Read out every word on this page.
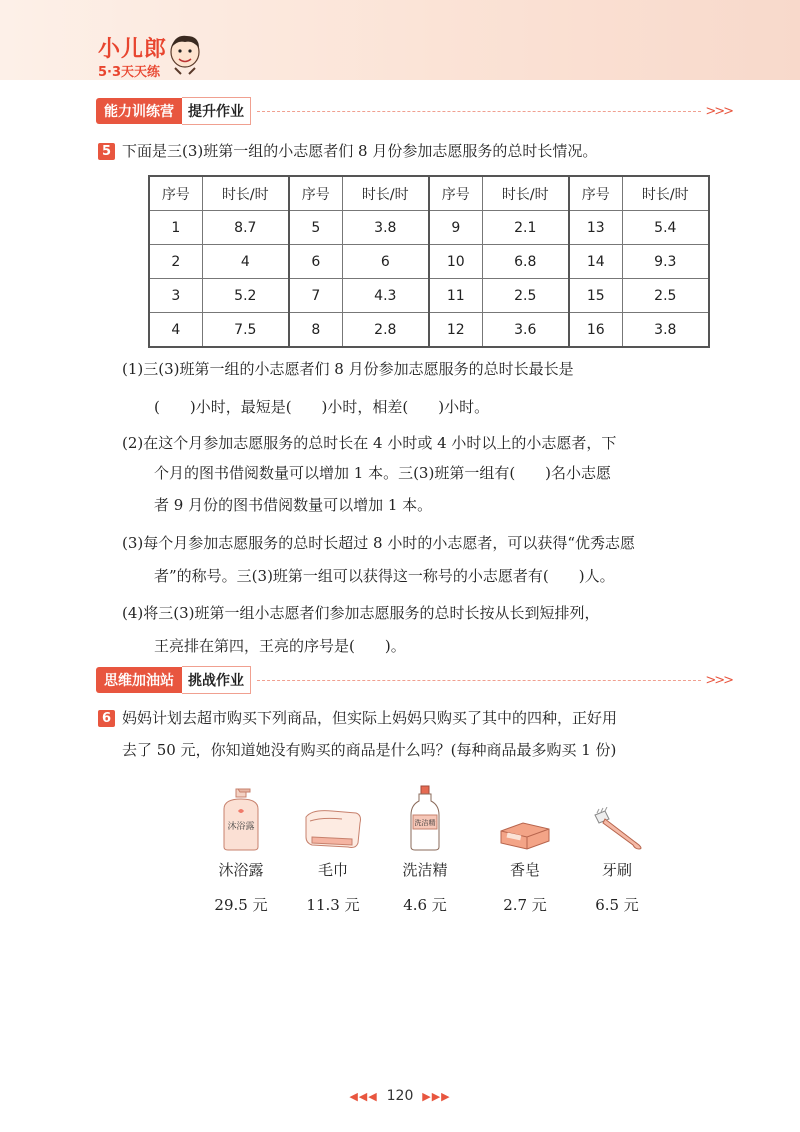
小儿郎
5·3天天练
能力训练营	提升作业	>>>
5 下面是三(3)班第一组的小志愿者们 8 月份参加志愿服务的总时长情况。
序号	时长/时	序号	时长/时	序号	时长/时	序号	时长/时
1	8.7	5	3.8	9	2.1	13	5.4
2	4	6	6	10	6.8	14	9.3
3	5.2	7	4.3	11	2.5	15	2.5
4	7.5	8	2.8	12	3.6	16	3.8
(1)三(3)班第一组的小志愿者们 8 月份参加志愿服务的总时长最长是
(　　)小时，最短是(　　)小时，相差(　　)小时。
(2)在这个月参加志愿服务的总时长在 4 小时或 4 小时以上的小志愿者，下
个月的图书借阅数量可以增加 1 本。三(3)班第一组有(　　)名小志愿
者 9 月份的图书借阅数量可以增加 1 本。
(3)每个月参加志愿服务的总时长超过 8 小时的小志愿者，可以获得“优秀志愿
者”的称号。三(3)班第一组可以获得这一称号的小志愿者有(　　)人。
(4)将三(3)班第一组小志愿者们参加志愿服务的总时长按从长到短排列，
王亮排在第四，王亮的序号是(　　)。
思维加油站	挑战作业	>>>
6 妈妈计划去超市购买下列商品，但实际上妈妈只购买了其中的四种，正好用
去了 50 元，你知道她没有购买的商品是什么吗？(每种商品最多购买 1 份)
沐浴露
沐浴露
29.5 元
毛巾
11.3 元
洗洁精
洗洁精
4.6 元
香皂
2.7 元
牙刷
6.5 元
◀◀◀ 120 ▶▶▶
